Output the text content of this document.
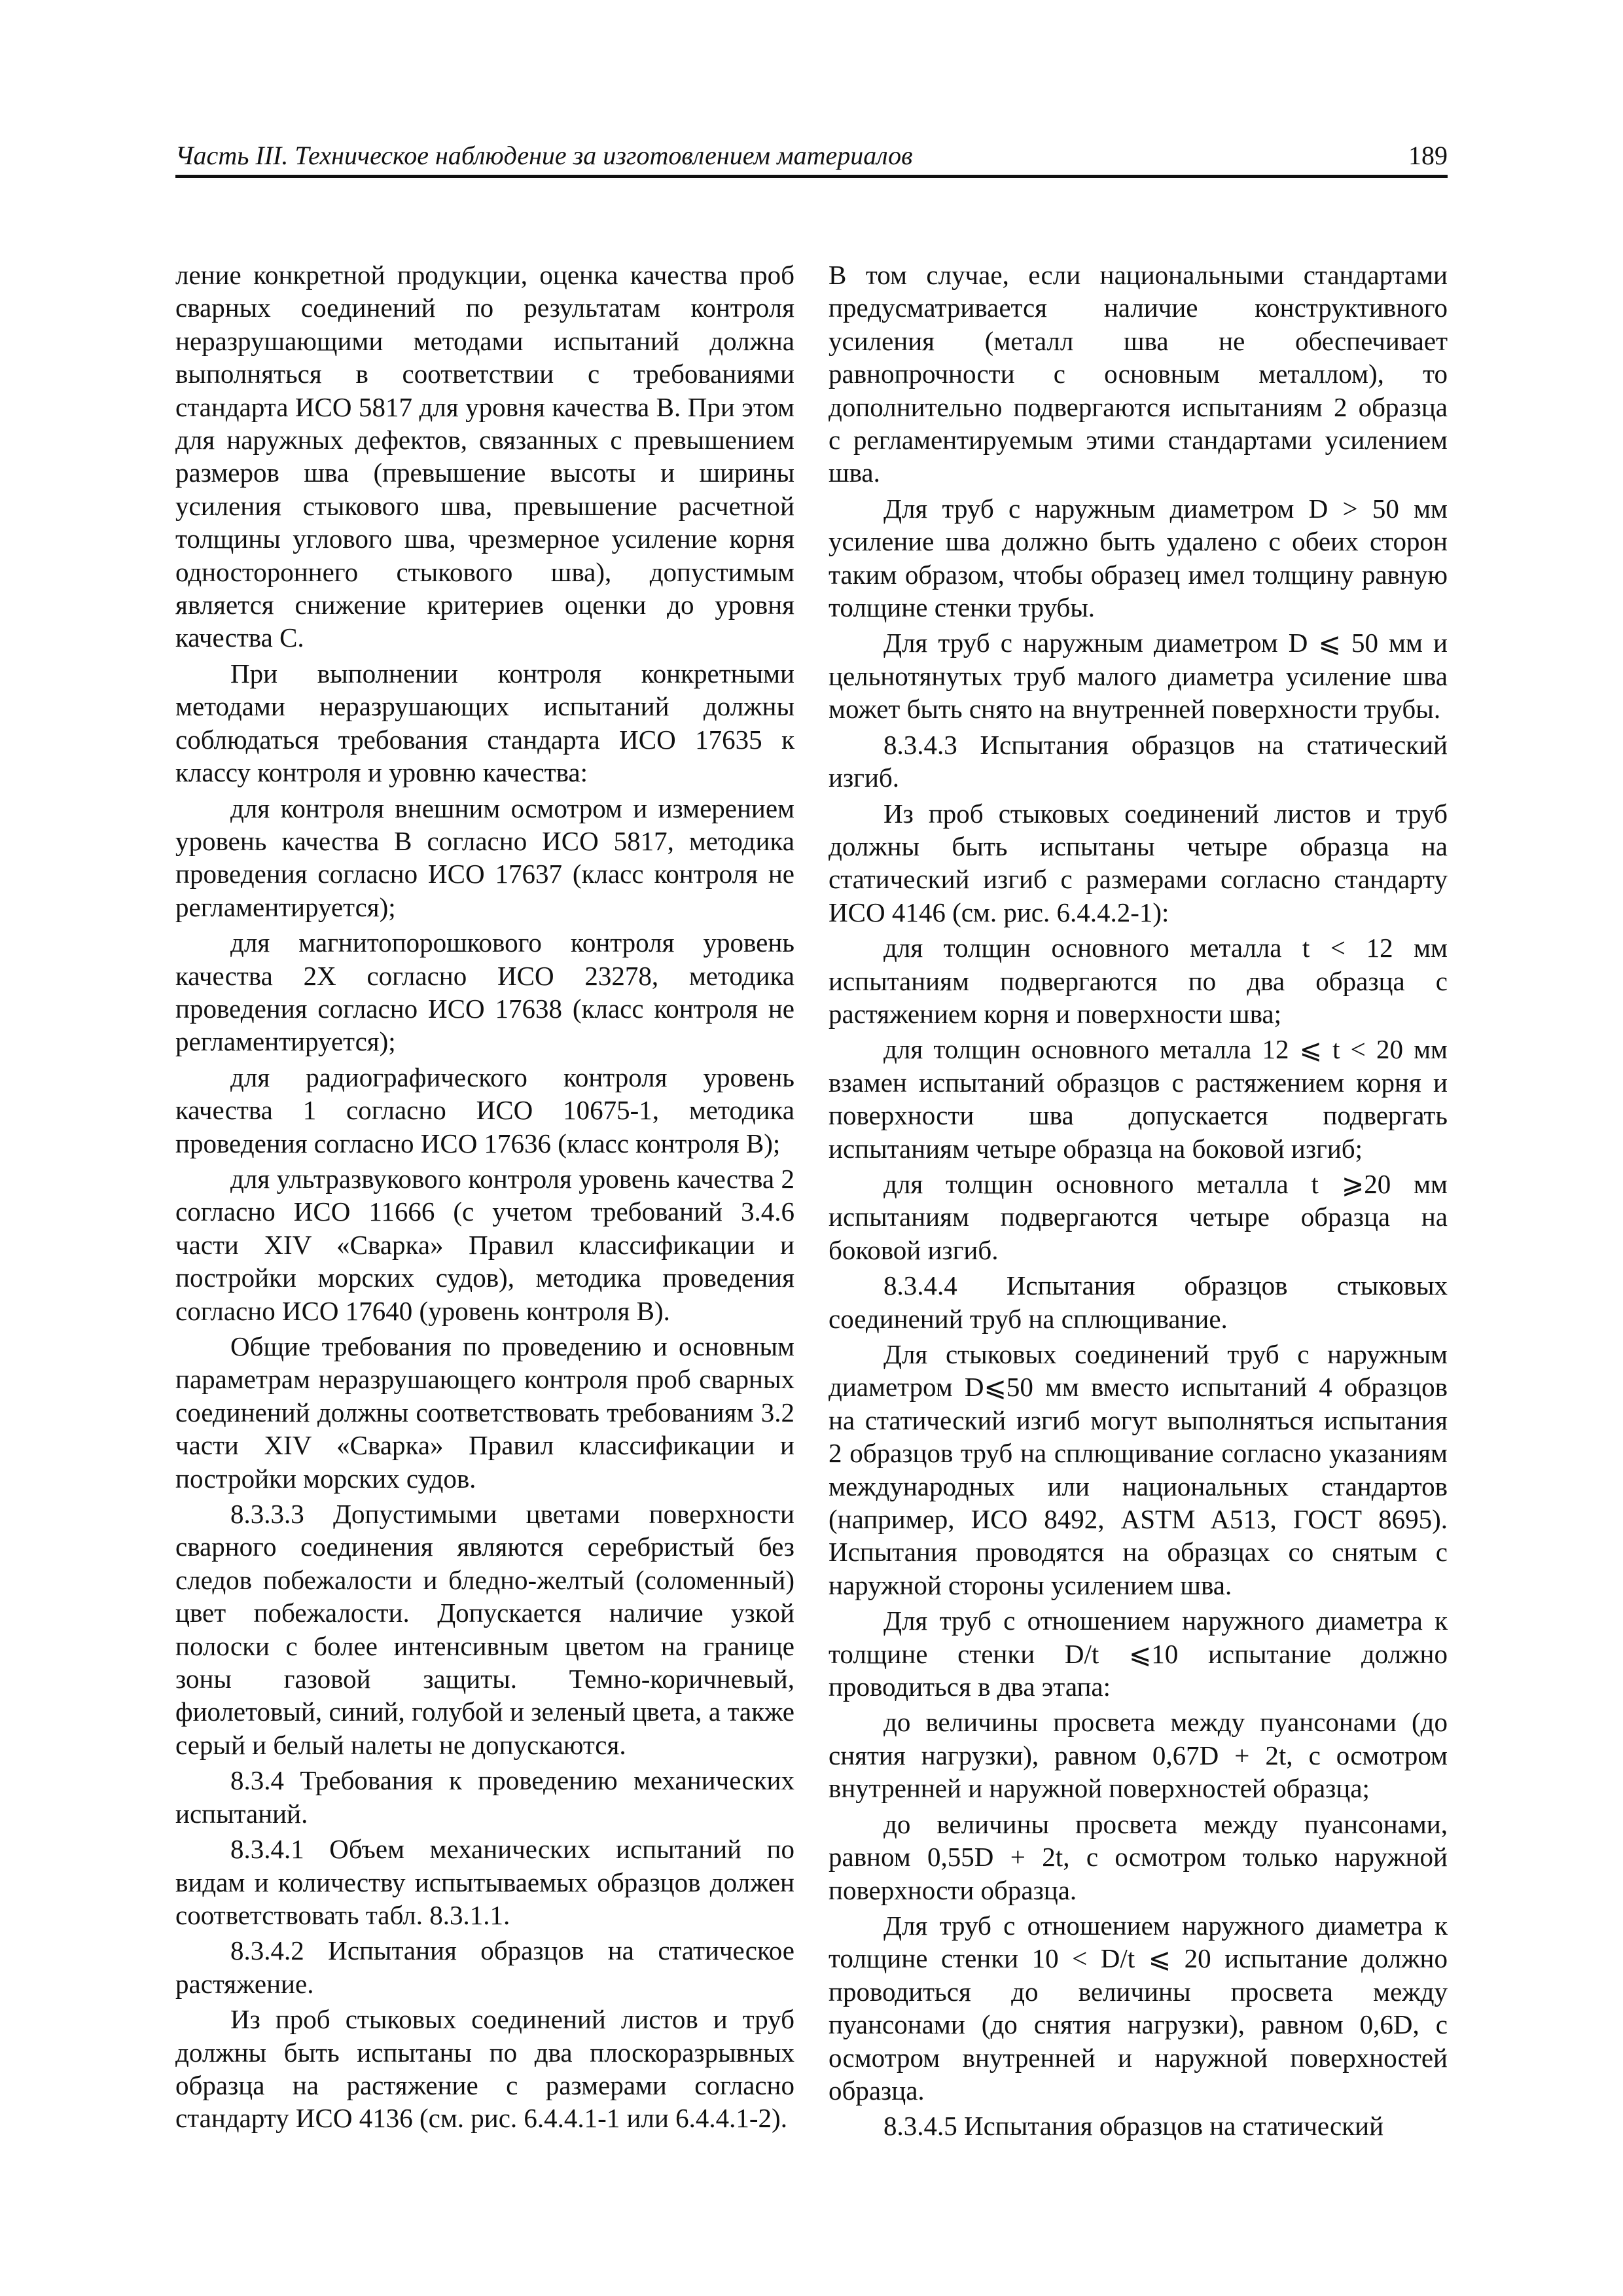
Часть III. Техническое наблюдение за изготовлением материалов	189

ление конкретной продукции, оценка качества проб сварных соединений по результатам контроля неразрушающими методами испытаний должна выполняться в соответствии с требованиями стандарта ИСО 5817 для уровня качества B. При этом для наружных дефектов, связанных с превышением размеров шва (превышение высоты и ширины усиления стыкового шва, превышение расчетной толщины углового шва, чрезмерное усиление корня одностороннего стыкового шва), допустимым является снижение критериев оценки до уровня качества C.

При выполнении контроля конкретными методами неразрушающих испытаний должны соблюдаться требования стандарта ИСО 17635 к классу контроля и уровню качества:

для контроля внешним осмотром и измерением уровень качества B согласно ИСО 5817, методика проведения согласно ИСО 17637 (класс контроля не регламентируется);

для магнитопорошкового контроля уровень качества 2X согласно ИСО 23278, методика проведения согласно ИСО 17638 (класс контроля не регламентируется);

для радиографического контроля уровень качества 1 согласно ИСО 10675-1, методика проведения согласно ИСО 17636 (класс контроля B);

для ультразвукового контроля уровень качества 2 согласно ИСО 11666 (с учетом требований 3.4.6 части XIV «Сварка» Правил классификации и постройки морских судов), методика проведения согласно ИСО 17640 (уровень контроля B).

Общие требования по проведению и основным параметрам неразрушающего контроля проб сварных соединений должны соответствовать требованиям 3.2 части XIV «Сварка» Правил классификации и постройки морских судов.

8.3.3.3 Допустимыми цветами поверхности сварного соединения являются серебристый без следов побежалости и бледно-желтый (соломенный) цвет побежалости. Допускается наличие узкой полоски с более интенсивным цветом на границе зоны газовой защиты. Темно-коричневый, фиолетовый, синий, голубой и зеленый цвета, а также серый и белый налеты не допускаются.

8.3.4 Требования к проведению механических испытаний.

8.3.4.1 Объем механических испытаний по видам и количеству испытываемых образцов должен соответствовать табл. 8.3.1.1.

8.3.4.2 Испытания образцов на статическое растяжение.

Из проб стыковых соединений листов и труб должны быть испытаны по два плоскоразрывных образца на растяжение с размерами согласно стандарту ИСО 4136 (см. рис. 6.4.4.1-1 или 6.4.4.1-2).

В том случае, если национальными стандартами предусматривается наличие конструктивного усиления (металл шва не обеспечивает равнопрочности с основным металлом), то дополнительно подвергаются испытаниям 2 образца с регламентируемым этими стандартами усилением шва.

Для труб с наружным диаметром D > 50 мм усиление шва должно быть удалено с обеих сторон таким образом, чтобы образец имел толщину равную толщине стенки трубы.

Для труб с наружным диаметром D ⩽ 50 мм и цельнотянутых труб малого диаметра усиление шва может быть снято на внутренней поверхности трубы.

8.3.4.3 Испытания образцов на статический изгиб.

Из проб стыковых соединений листов и труб должны быть испытаны четыре образца на статический изгиб с размерами согласно стандарту ИСО 4146 (см. рис. 6.4.4.2-1):

для толщин основного металла t < 12 мм испытаниям подвергаются по два образца с растяжением корня и поверхности шва;

для толщин основного металла 12 ⩽ t < 20 мм взамен испытаний образцов с растяжением корня и поверхности шва допускается подвергать испытаниям четыре образца на боковой изгиб;

для толщин основного металла t ⩾20 мм испытаниям подвергаются четыре образца на боковой изгиб.

8.3.4.4 Испытания образцов стыковых соединений труб на сплющивание.

Для стыковых соединений труб с наружным диаметром D⩽50 мм вместо испытаний 4 образцов на статический изгиб могут выполняться испытания 2 образцов труб на сплющивание согласно указаниям международных или национальных стандартов (например, ИСО 8492, ASTM A513, ГОСТ 8695). Испытания проводятся на образцах со снятым с наружной стороны усилением шва.

Для труб с отношением наружного диаметра к толщине стенки D/t ⩽10 испытание должно проводиться в два этапа:

до величины просвета между пуансонами (до снятия нагрузки), равном 0,67D + 2t, с осмотром внутренней и наружной поверхностей образца;

до величины просвета между пуансонами, равном 0,55D + 2t, с осмотром только наружной поверхности образца.

Для труб с отношением наружного диаметра к толщине стенки 10 < D/t ⩽ 20 испытание должно проводиться до величины просвета между пуансонами (до снятия нагрузки), равном 0,6D, с осмотром внутренней и наружной поверхностей образца.

8.3.4.5 Испытания образцов на статический
